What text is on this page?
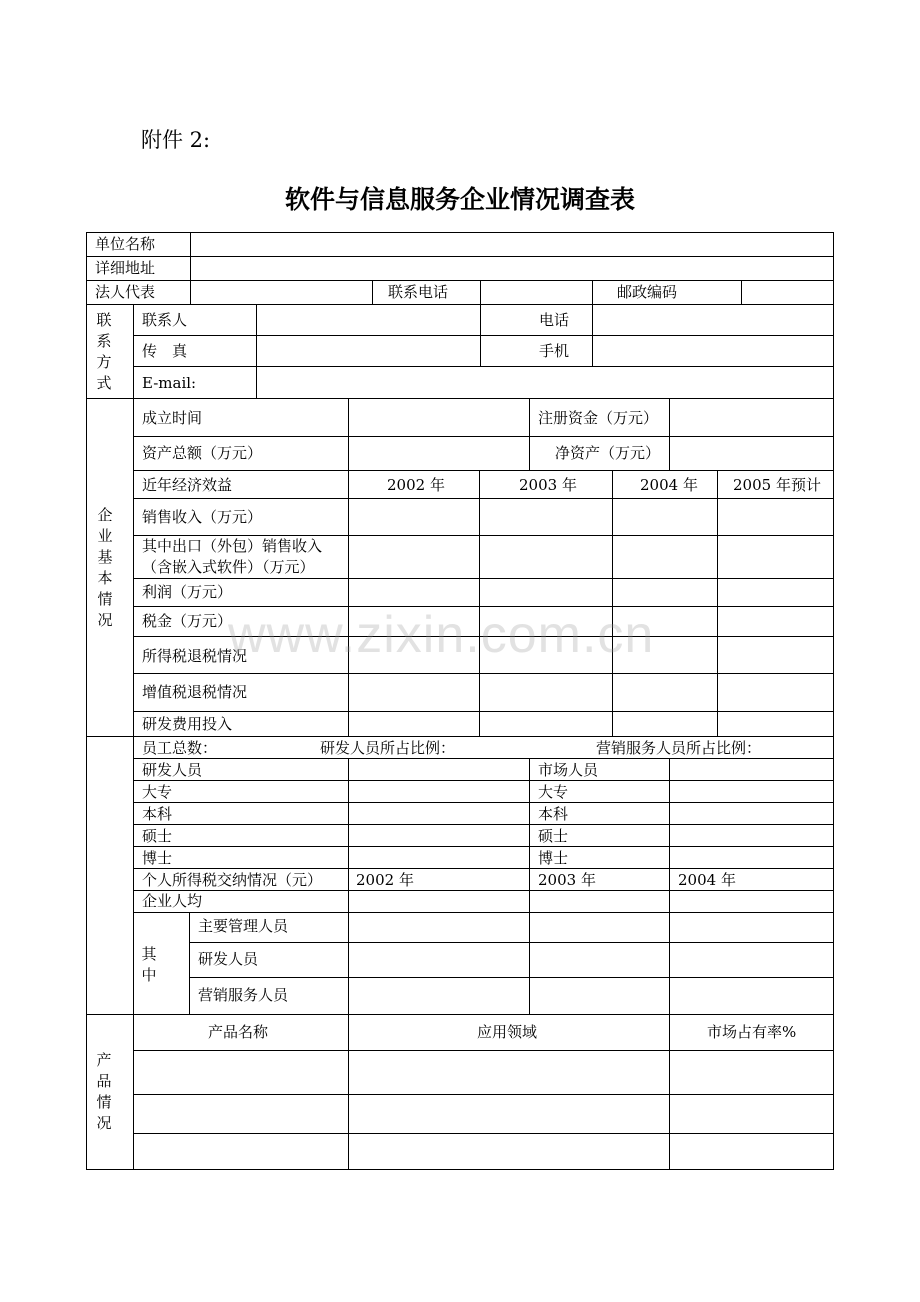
附件 2:
软件与信息服务企业情况调查表
单位名称
详细地址
法人代表	联系电话	邮政编码
联
系
方
式
联系人	电话
传　真	手机
E-mail:
企
业
基
本
情
况
成立时间	注册资金（万元）
资产总额（万元）	净资产（万元）
近年经济效益	2002 年	2003 年	2004 年 2005 年预计
销售收入（万元）
其中出口（外包）销售收入
（含嵌入式软件）（万元）
利润（万元）
税金（万元）
所得税退税情况
增值税退税情况
研发费用投入
员工总数：	研发人员所占比例：	营销服务人员所占比例：
研发人员	市场人员
大专	大专
本科	本科
硕士	硕士
博士	博士
个人所得税交纳情况（元） 2002 年	2003 年	2004 年
企业人均
其
中
主要管理人员
研发人员
营销服务人员
产
品
情
况
产品名称	应用领域	市场占有率%
www.zixin.com.cn
